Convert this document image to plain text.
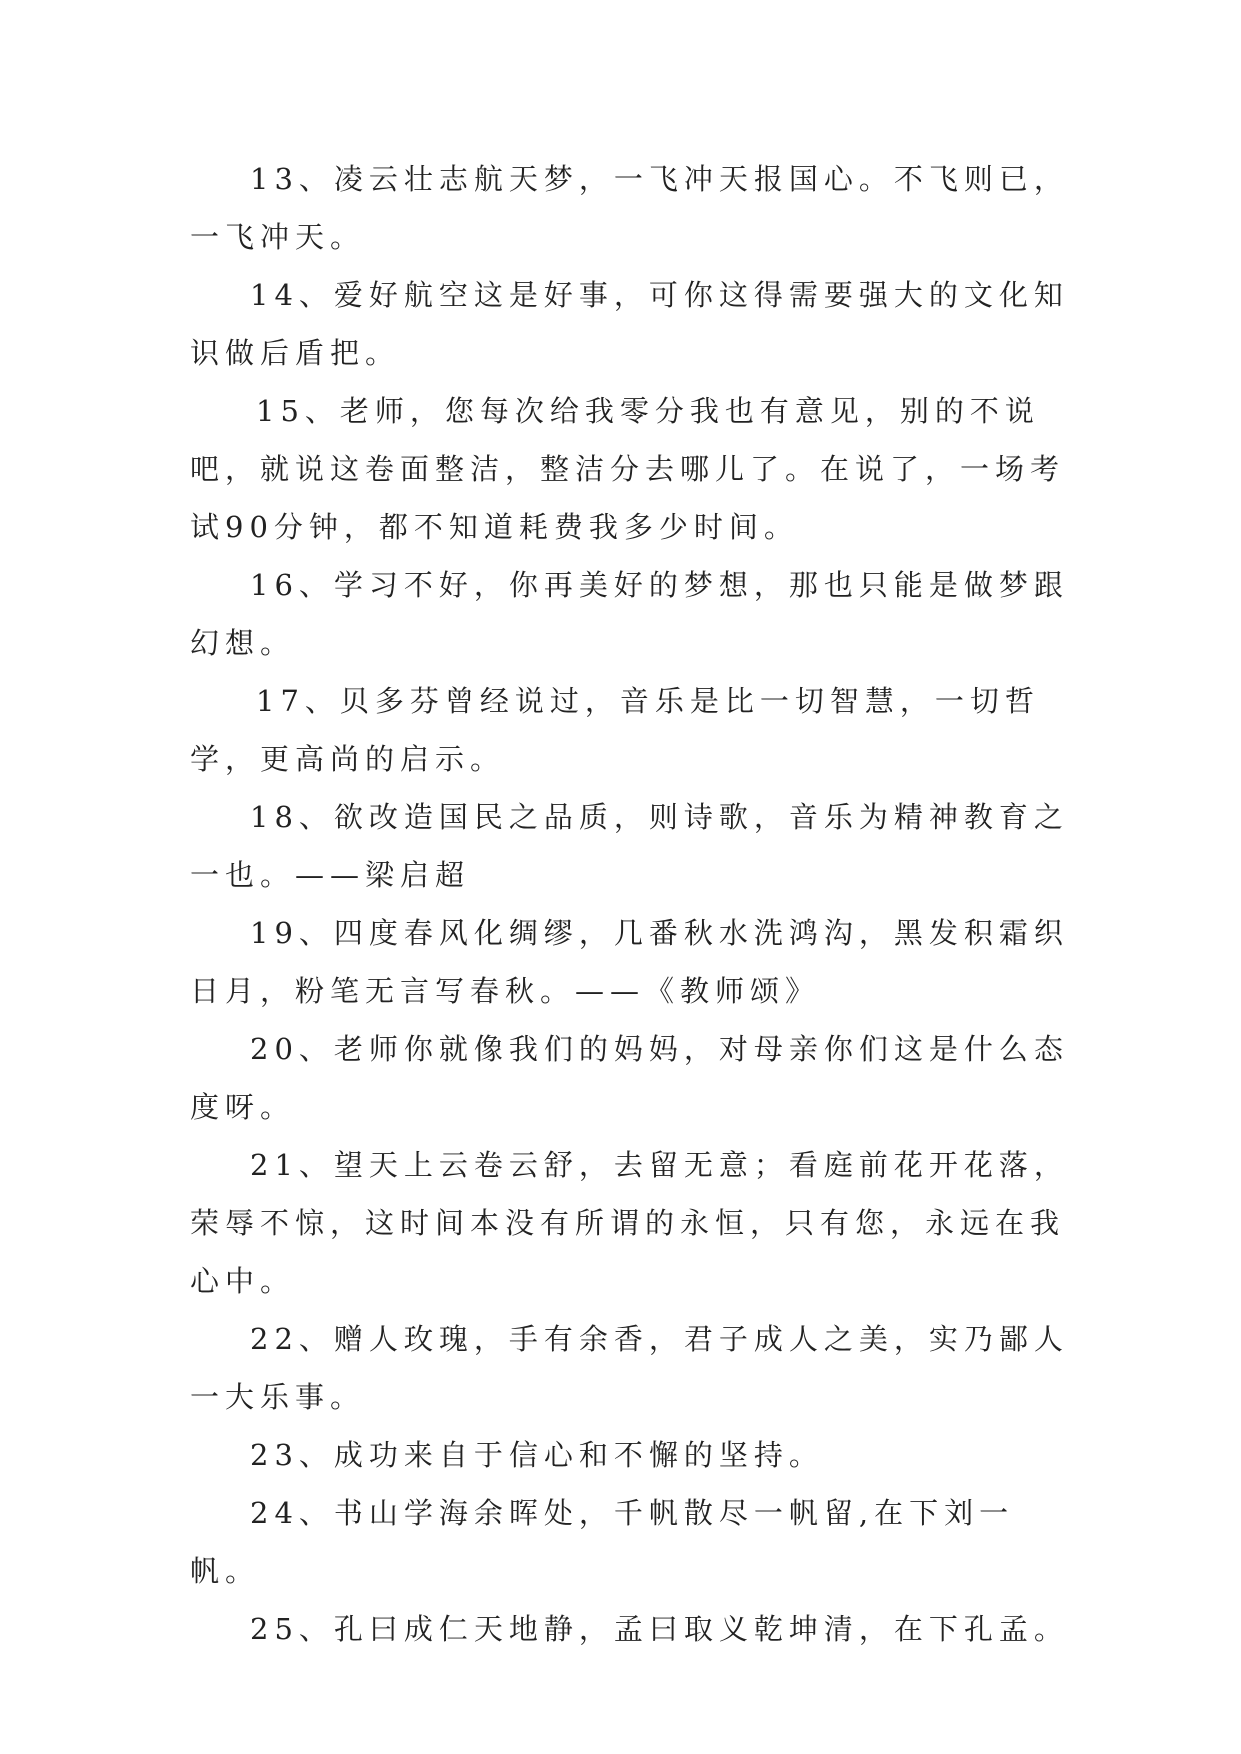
13、凌云壮志航天梦，一飞冲天报国心。不飞则已，一飞冲天。

14、爱好航空这是好事，可你这得需要强大的文化知识做后盾把。

15、老师，您每次给我零分我也有意见，别的不说吧，就说这卷面整洁，整洁分去哪儿了。在说了，一场考试90分钟，都不知道耗费我多少时间。

16、学习不好，你再美好的梦想，那也只能是做梦跟幻想。

17、贝多芬曾经说过，音乐是比一切智慧，一切哲学，更高尚的启示。

18、欲改造国民之品质，则诗歌，音乐为精神教育之一也。——梁启超

19、四度春风化绸缪，几番秋水洗鸿沟，黑发积霜织日月，粉笔无言写春秋。——《教师颂》

20、老师你就像我们的妈妈，对母亲你们这是什么态度呀。

21、望天上云卷云舒，去留无意；看庭前花开花落，荣辱不惊，这时间本没有所谓的永恒，只有您，永远在我心中。

22、赠人玫瑰，手有余香，君子成人之美，实乃鄙人一大乐事。

23、成功来自于信心和不懈的坚持。

24、书山学海余晖处，千帆散尽一帆留,在下刘一帆。

25、孔曰成仁天地静，孟曰取义乾坤清，在下孔孟。
